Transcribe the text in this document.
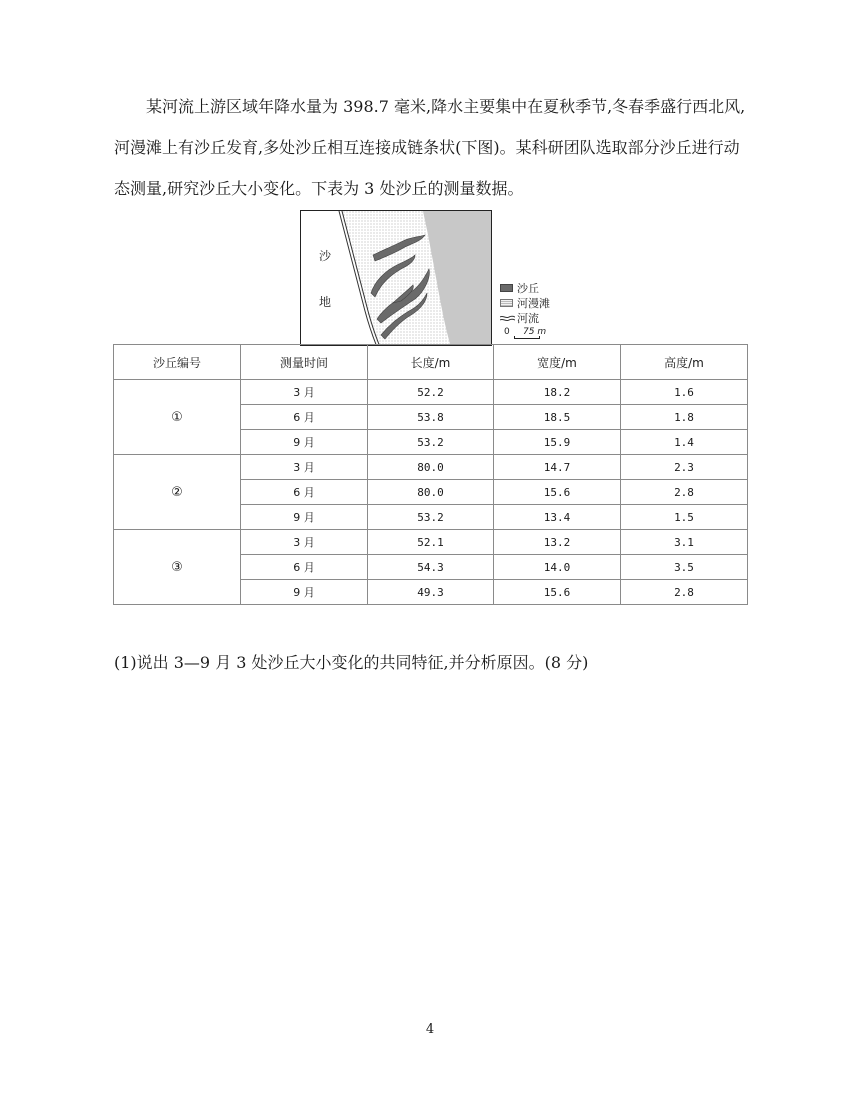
某河流上游区域年降水量为 398.7 毫米,降水主要集中在夏秋季节,冬春季盛行西北风,河漫滩上有沙丘发育,多处沙丘相互连接成链条状(下图)。某科研团队选取部分沙丘进行动态测量,研究沙丘大小变化。下表为 3 处沙丘的测量数据。

沙
地
沙丘
河漫滩
河流
0 75 m
沙丘编号	测量时间	长度/m	宽度/m	高度/m
①	3 月	52.2	18.2	1.6
	6 月	53.8	18.5	1.8
	9 月	53.2	15.9	1.4
②	3 月	80.0	14.7	2.3
	6 月	80.0	15.6	2.8
	9 月	53.2	13.4	1.5
③	3 月	52.1	13.2	3.1
	6 月	54.3	14.0	3.5
	9 月	49.3	15.6	2.8

(1)说出 3—9 月 3 处沙丘大小变化的共同特征,并分析原因。(8 分)

4
